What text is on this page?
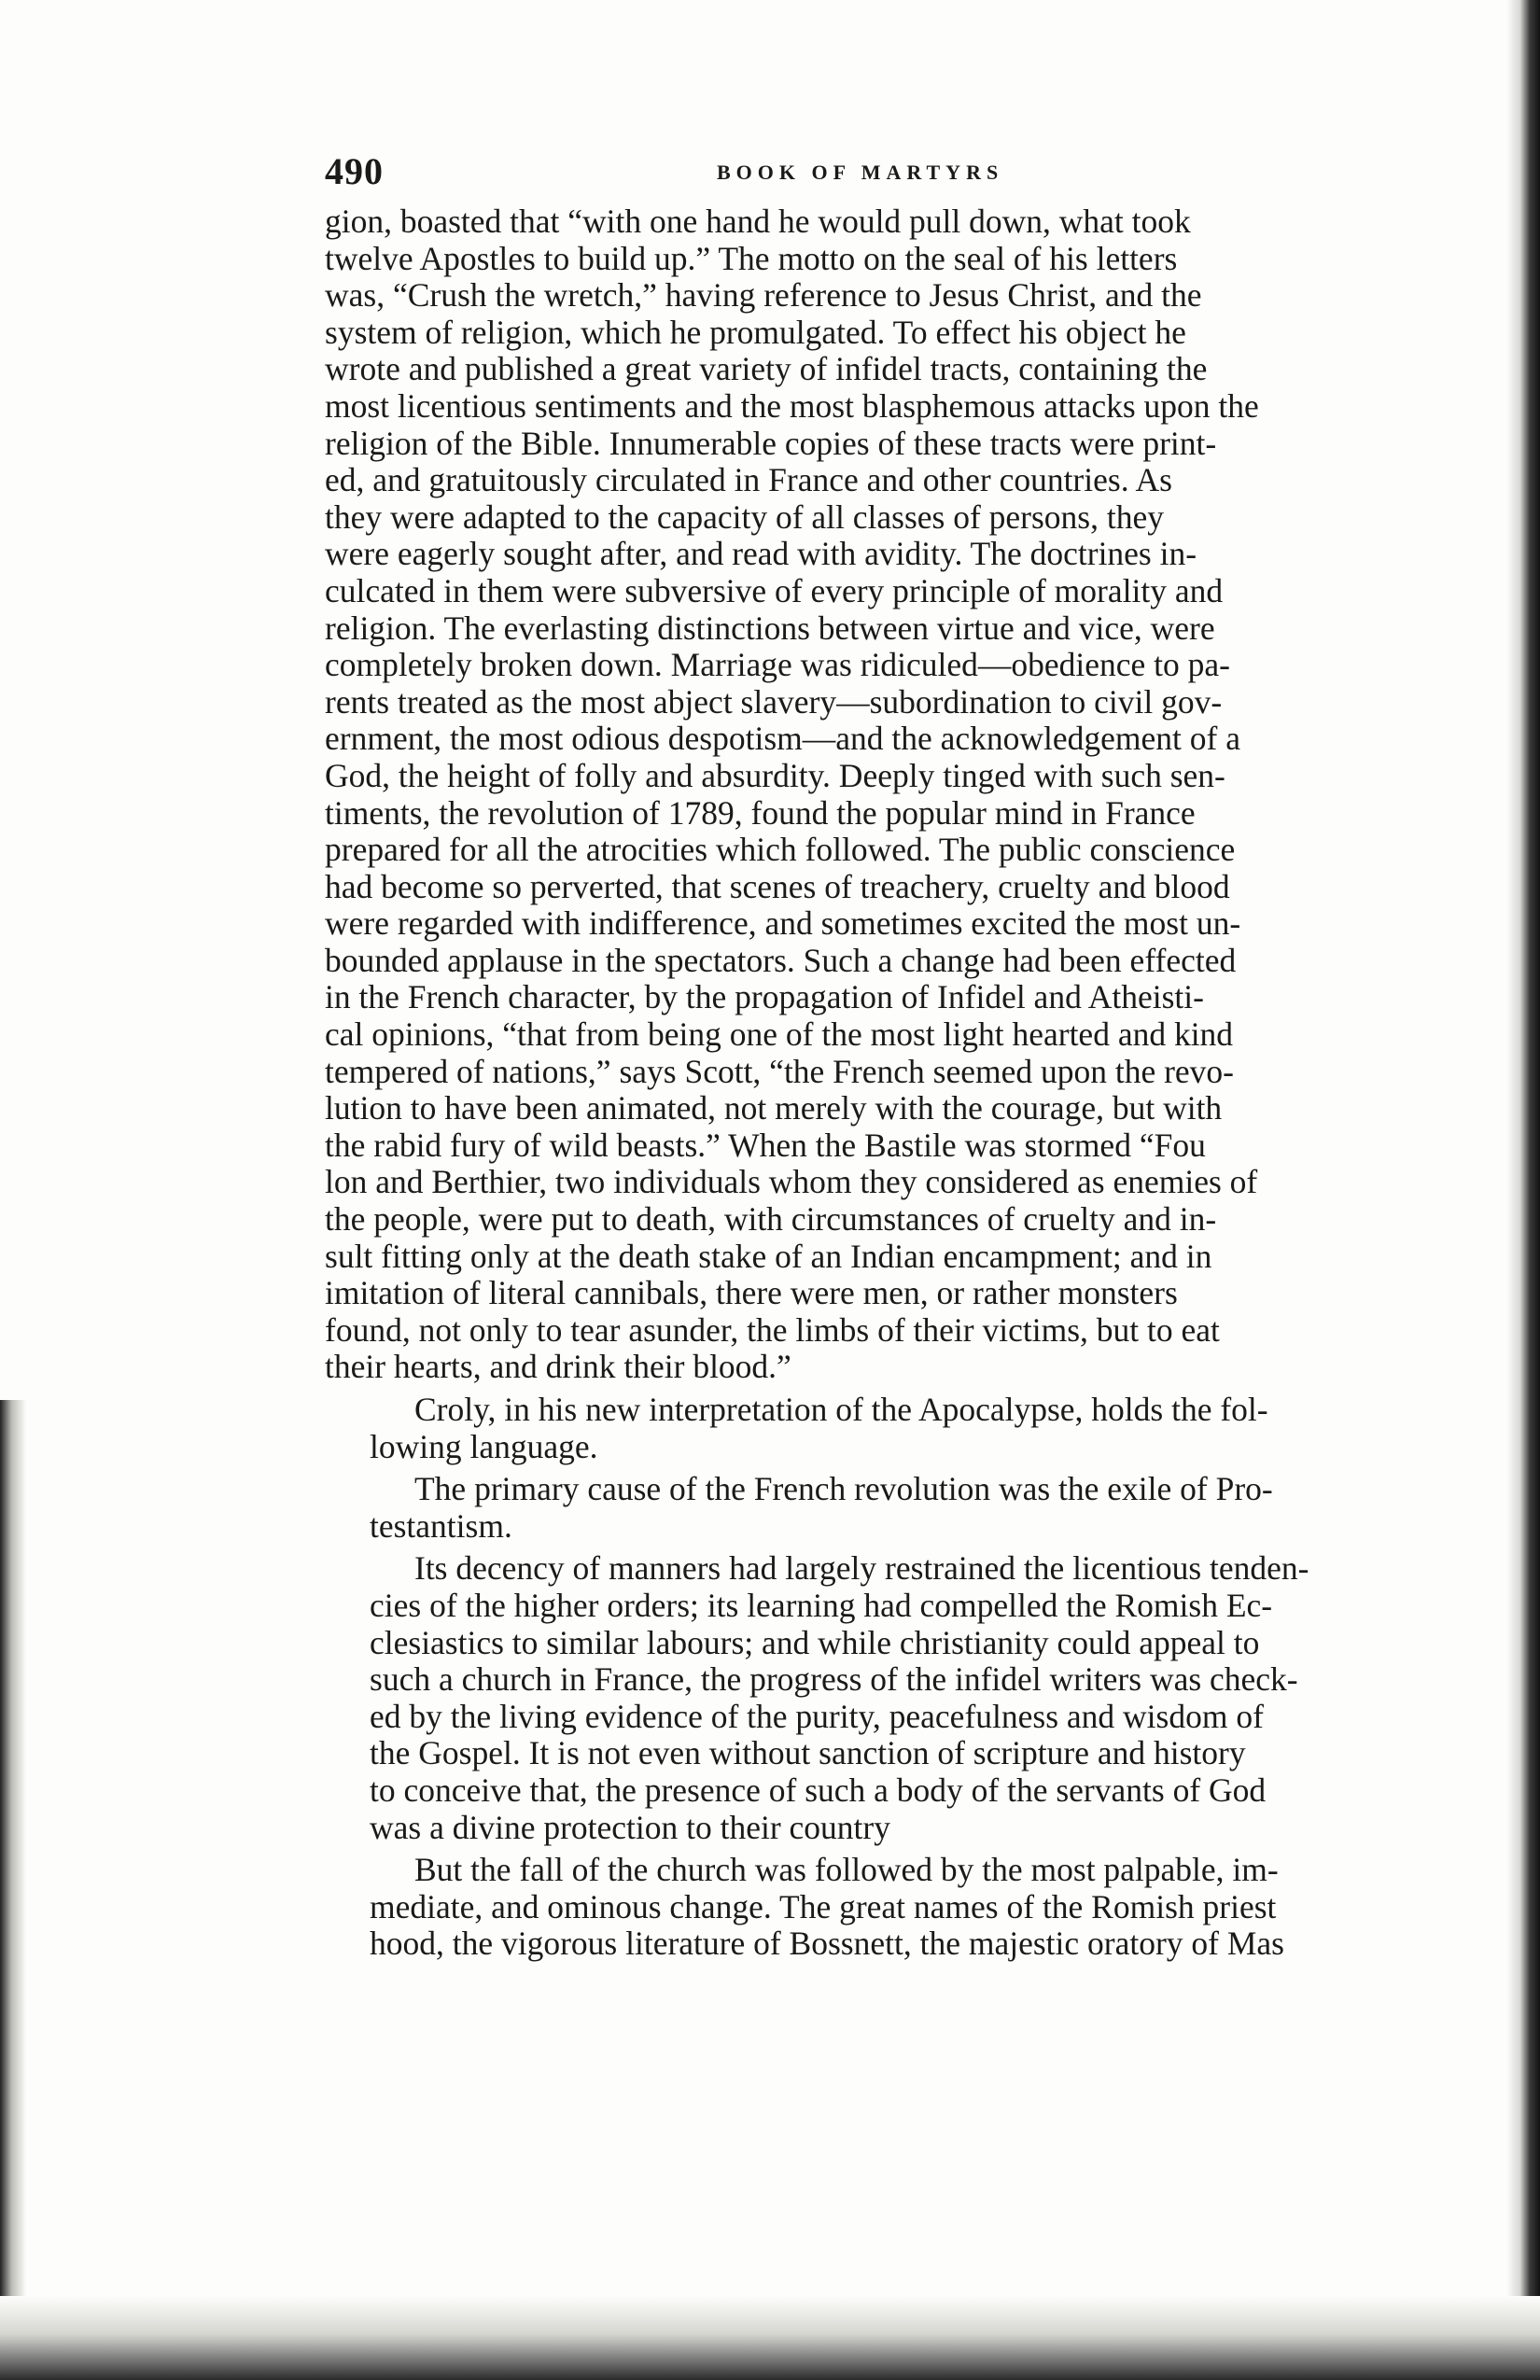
490	BOOK OF MARTYRS

gion, boasted that “with one hand he would pull down, what took
twelve Apostles to build up.” The motto on the seal of his letters
was, “Crush the wretch,” having reference to Jesus Christ, and the
system of religion, which he promulgated. To effect his object he
wrote and published a great variety of infidel tracts, containing the
most licentious sentiments and the most blasphemous attacks upon the
religion of the Bible. Innumerable copies of these tracts were print-
ed, and gratuitously circulated in France and other countries. As
they were adapted to the capacity of all classes of persons, they
were eagerly sought after, and read with avidity. The doctrines in-
culcated in them were subversive of every principle of morality and
religion. The everlasting distinctions between virtue and vice, were
completely broken down. Marriage was ridiculed—obedience to pa-
rents treated as the most abject slavery—subordination to civil gov-
ernment, the most odious despotism—and the acknowledgement of a
God, the height of folly and absurdity. Deeply tinged with such sen-
timents, the revolution of 1789, found the popular mind in France
prepared for all the atrocities which followed. The public conscience
had become so perverted, that scenes of treachery, cruelty and blood
were regarded with indifference, and sometimes excited the most un-
bounded applause in the spectators. Such a change had been effected
in the French character, by the propagation of Infidel and Atheisti-
cal opinions, “that from being one of the most light hearted and kind
tempered of nations,” says Scott, “the French seemed upon the revo-
lution to have been animated, not merely with the courage, but with
the rabid fury of wild beasts.” When the Bastile was stormed “Fou
lon and Berthier, two individuals whom they considered as enemies of
the people, were put to death, with circumstances of cruelty and in-
sult fitting only at the death stake of an Indian encampment; and in
imitation of literal cannibals, there were men, or rather monsters
found, not only to tear asunder, the limbs of their victims, but to eat
their hearts, and drink their blood.”

Croly, in his new interpretation of the Apocalypse, holds the fol-
lowing language.

The primary cause of the French revolution was the exile of Pro-
testantism.

Its decency of manners had largely restrained the licentious tenden-
cies of the higher orders; its learning had compelled the Romish Ec-
clesiastics to similar labours; and while christianity could appeal to
such a church in France, the progress of the infidel writers was check-
ed by the living evidence of the purity, peacefulness and wisdom of
the Gospel. It is not even without sanction of scripture and history
to conceive that, the presence of such a body of the servants of God
was a divine protection to their country

But the fall of the church was followed by the most palpable, im-
mediate, and ominous change. The great names of the Romish priest
hood, the vigorous literature of Bossnett, the majestic oratory of Mas
